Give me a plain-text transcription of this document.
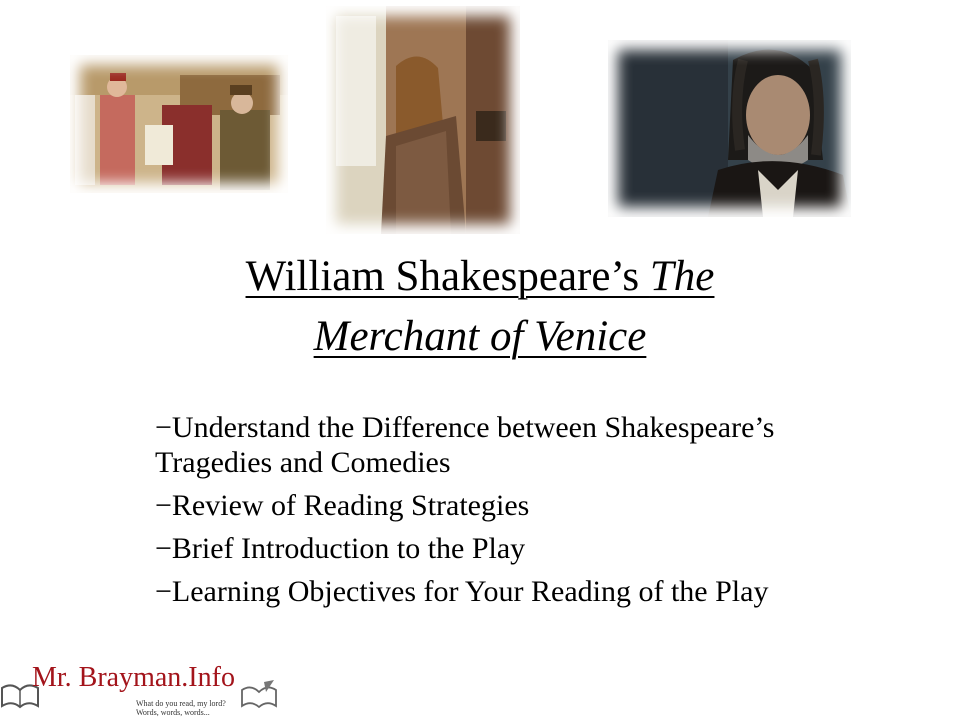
William Shakespeare’s The
Merchant of Venice
−Understand the Difference between Shakespeare’s Tragedies and Comedies
−Review of Reading Strategies
−Brief Introduction to the Play
−Learning Objectives for Your Reading of the Play
Mr. Brayman.Info
What do you read, my lord?
Words, words, words...
